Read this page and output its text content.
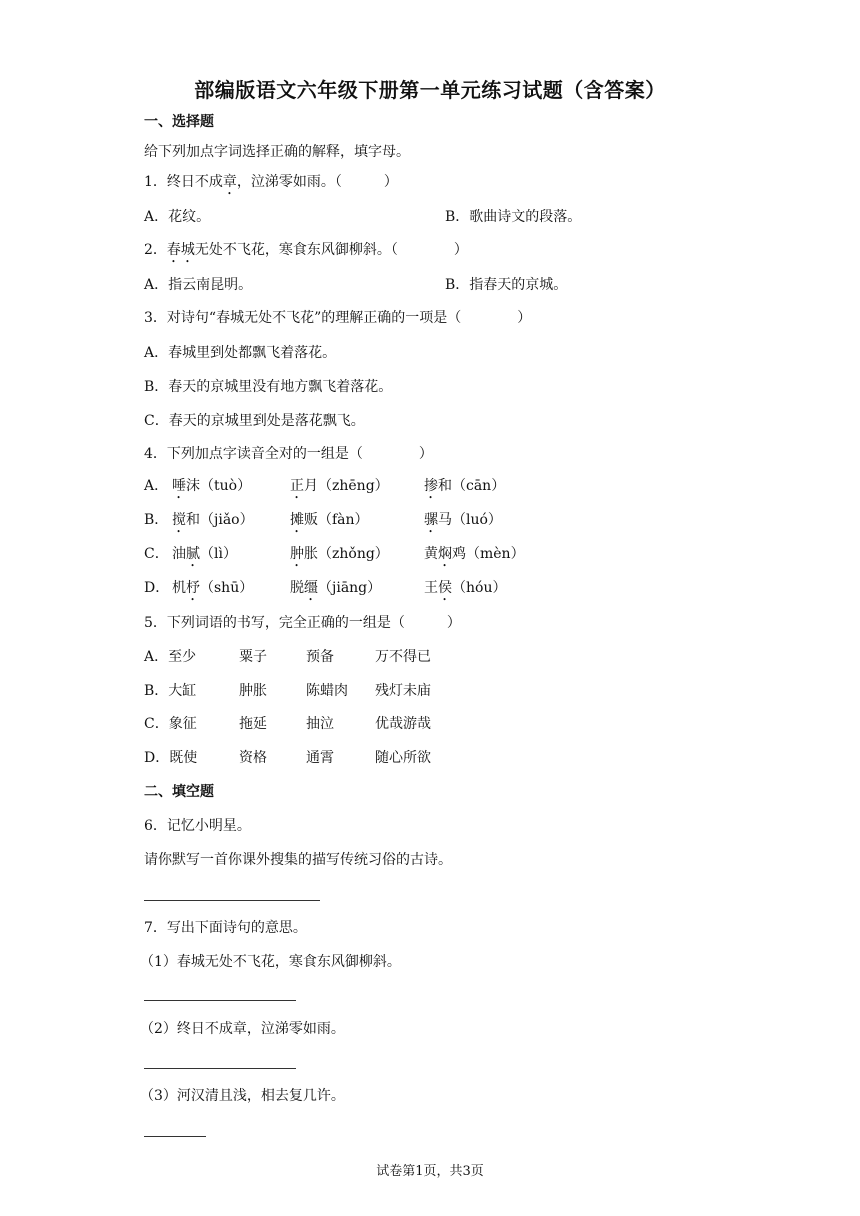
部编版语文六年级下册第一单元练习试题（含答案）
一、选择题
给下列加点字词选择正确的解释，填字母。
1．终日不成章，泣涕零如雨。（　　　）
A．花纹。	B．歌曲诗文的段落。
2．春城无处不飞花，寒食东风御柳斜。（　　　　）
A．指云南昆明。	B．指春天的京城。
3．对诗句“春城无处不飞花”的理解正确的一项是（　　　　）
A．春城里到处都飘飞着落花。
B．春天的京城里没有地方飘飞着落花。
C．春天的京城里到处是落花飘飞。
4．下列加点字读音全对的一组是（　　　　）
A． 唾沫（tuò）	正月（zhēng）	掺和（cān）
B． 搅和（jiǎo）	摊贩（fàn）	骡马（luó）
C． 油腻（lì）	肿胀（zhǒng）	黄焖鸡（mèn）
D． 机杼（shū）	脱缰（jiāng）	王侯（hóu）
5．下列词语的书写，完全正确的一组是（　　　）
A．至少	粟子	预备	万不得已
B．大缸	肿胀	陈蜡肉 残灯未庙
C．象征	拖延	抽泣	优哉游哉
D．既使	资格	通霄	随心所欲
二、填空题
6．记忆小明星。
请你默写一首你课外搜集的描写传统习俗的古诗。
7．写出下面诗句的意思。
（1）春城无处不飞花，寒食东风御柳斜。
（2）终日不成章，泣涕零如雨。
（3）河汉清且浅，相去复几许。
试卷第1页，共3页
